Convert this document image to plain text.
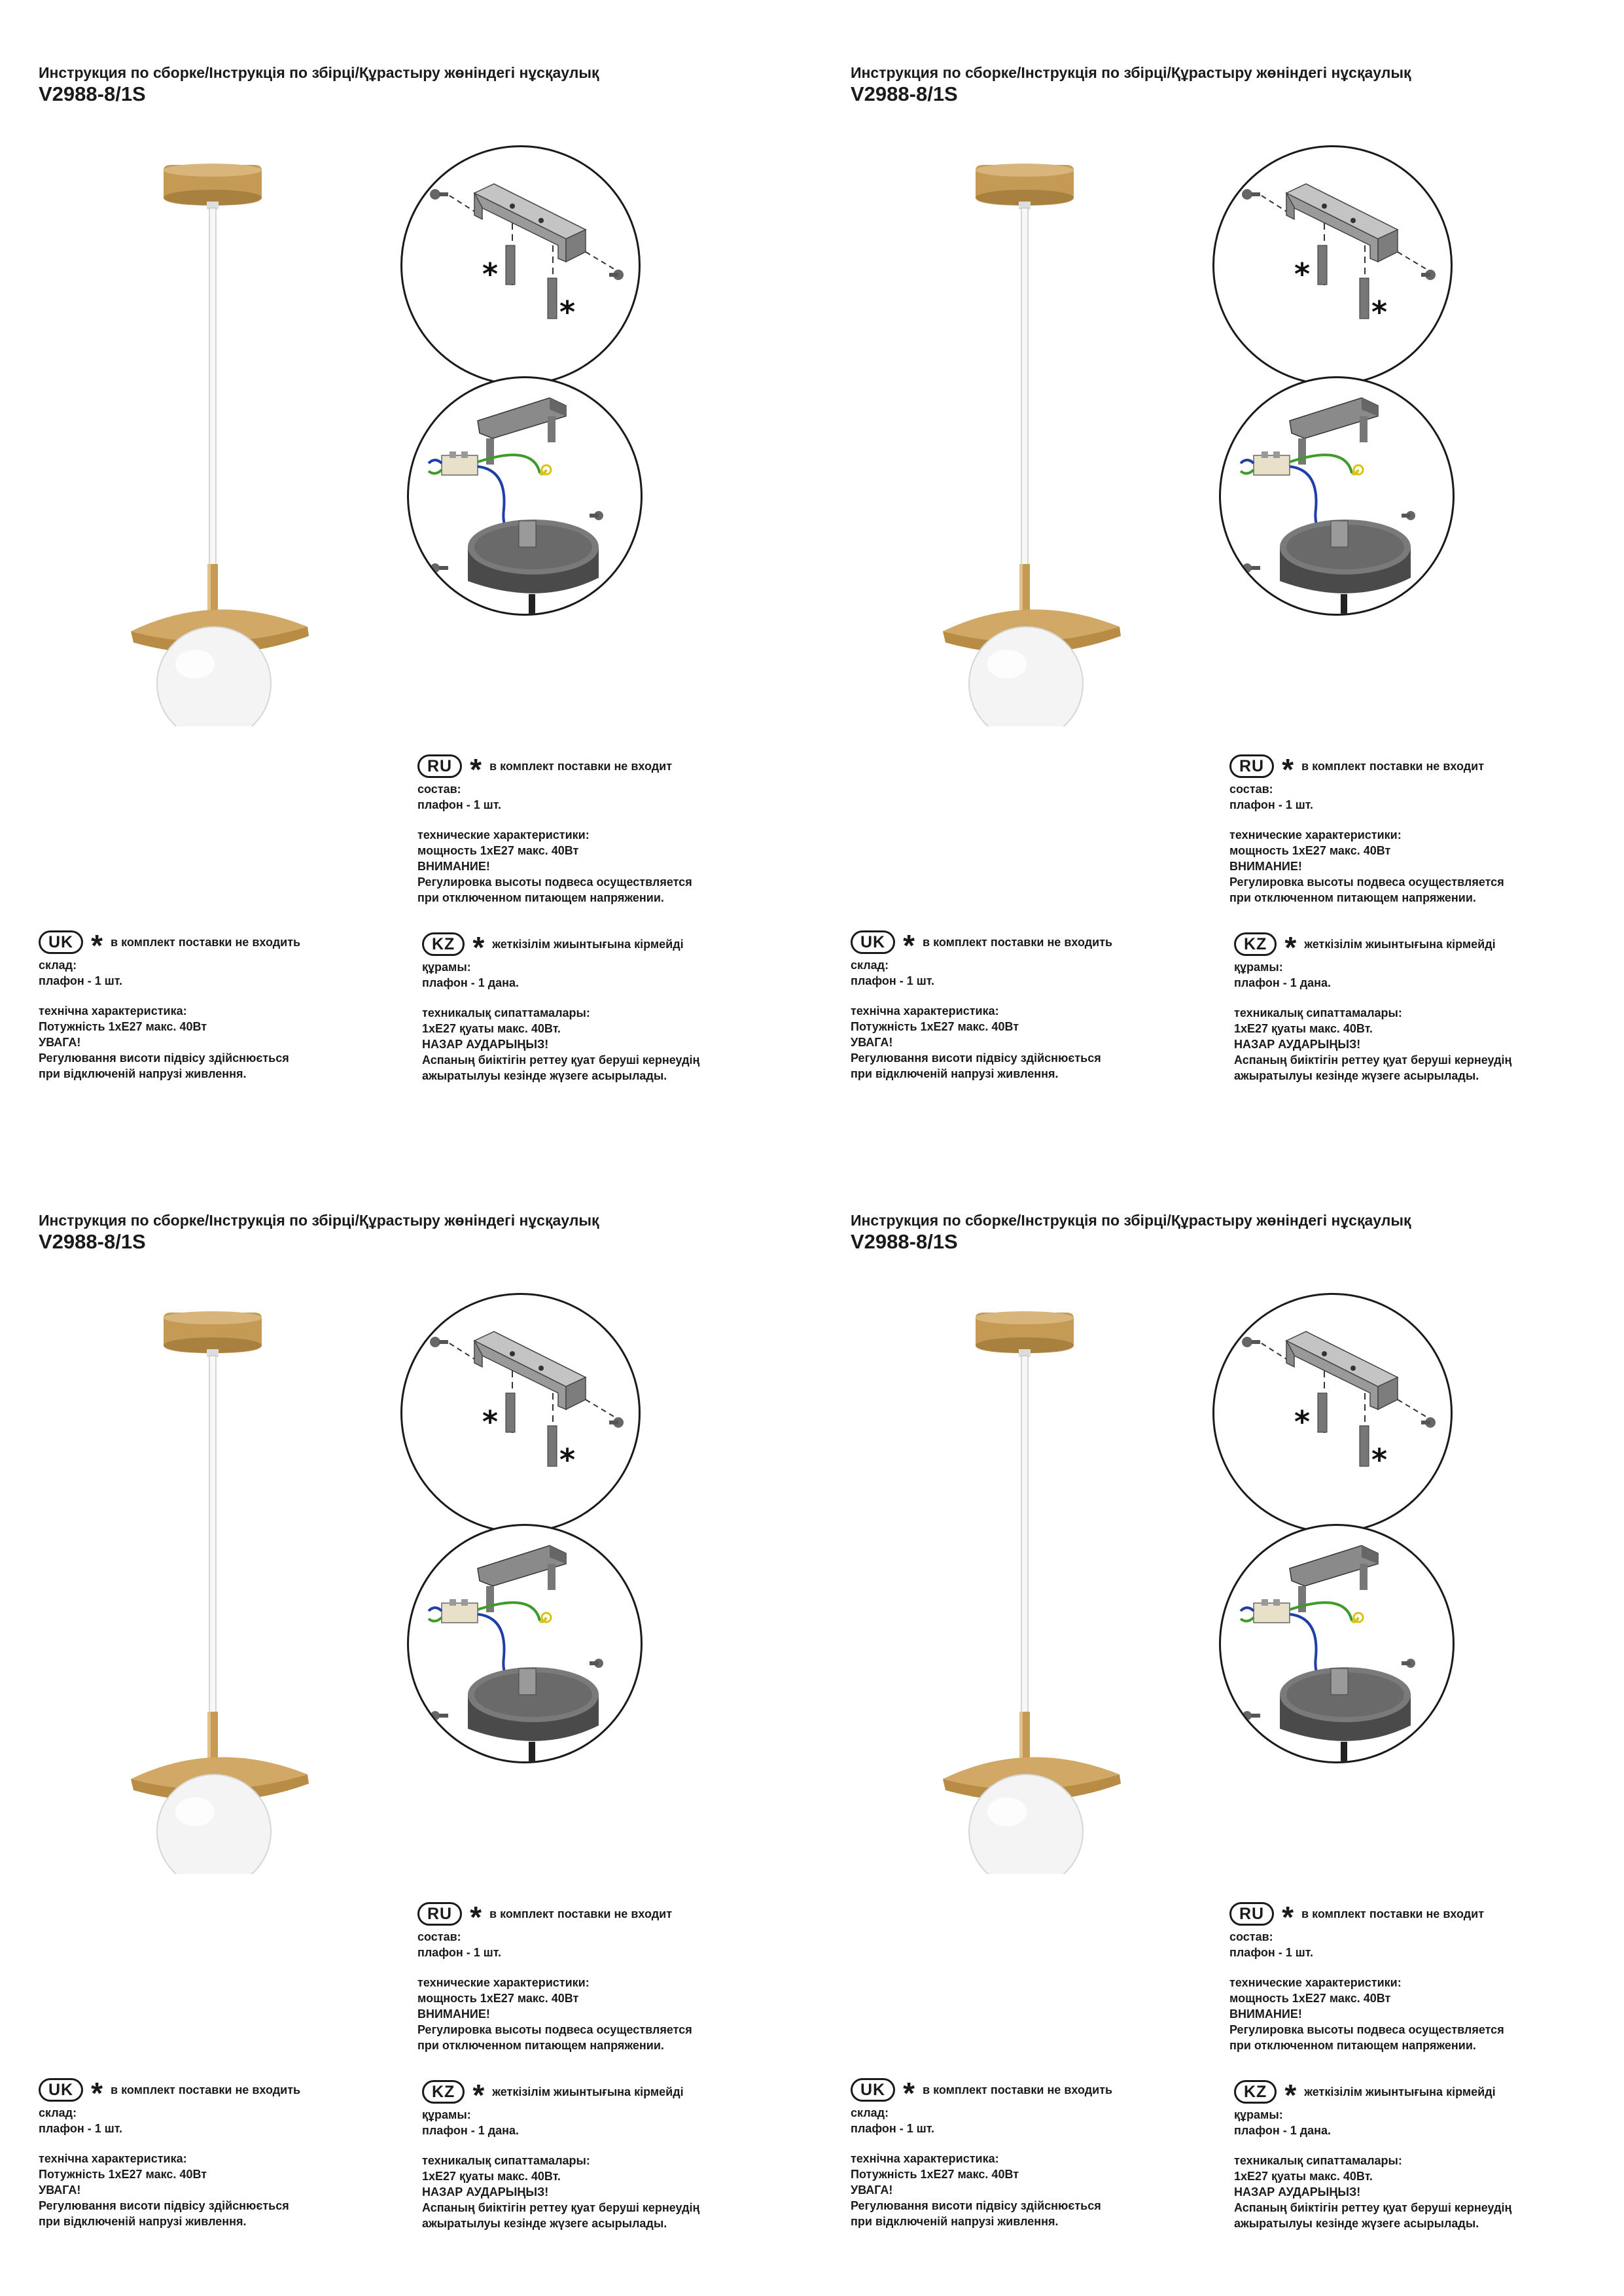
Инструкция по сборке/Інструкція по збірці/Құрастыру жөніндегі нұсқаулық
V2988-8/1S
*
*
RU * в комплект поставки не входит
состав:
плафон - 1 шт.
технические характеристики:
мощность 1хE27 макс. 40Вт
ВНИМАНИЕ!
Регулировка высоты подвеса осуществляется
при отключенном питающем напряжении.
UK * в комплект поставки не входить
склад:
плафон - 1 шт.
технічна характеристика:
Потужність 1хE27 макс. 40Вт
УВАГА!
Регулювання висоти підвісу здійснюється
при відключеній напрузі живлення.
KZ * жеткізілім жиынтығына кірмейді
құрамы:
плафон - 1 дана.
техникалық сипаттамалары:
1хE27 қуаты макс. 40Вт.
НАЗАР АУДАРЫҢЫЗ!
Аспаның биіктігін реттеу қуат беруші кернеудің
ажыратылуы кезінде жүзеге асырылады.
Инструкция по сборке/Інструкція по збірці/Құрастыру жөніндегі нұсқаулық
V2988-8/1S
*
*
RU * в комплект поставки не входит
состав:
плафон - 1 шт.
технические характеристики:
мощность 1хE27 макс. 40Вт
ВНИМАНИЕ!
Регулировка высоты подвеса осуществляется
при отключенном питающем напряжении.
UK * в комплект поставки не входить
склад:
плафон - 1 шт.
технічна характеристика:
Потужність 1хE27 макс. 40Вт
УВАГА!
Регулювання висоти підвісу здійснюється
при відключеній напрузі живлення.
KZ * жеткізілім жиынтығына кірмейді
құрамы:
плафон - 1 дана.
техникалық сипаттамалары:
1хE27 қуаты макс. 40Вт.
НАЗАР АУДАРЫҢЫЗ!
Аспаның биіктігін реттеу қуат беруші кернеудің
ажыратылуы кезінде жүзеге асырылады.
Инструкция по сборке/Інструкція по збірці/Құрастыру жөніндегі нұсқаулық
V2988-8/1S
*
*
RU * в комплект поставки не входит
состав:
плафон - 1 шт.
технические характеристики:
мощность 1хE27 макс. 40Вт
ВНИМАНИЕ!
Регулировка высоты подвеса осуществляется
при отключенном питающем напряжении.
UK * в комплект поставки не входить
склад:
плафон - 1 шт.
технічна характеристика:
Потужність 1хE27 макс. 40Вт
УВАГА!
Регулювання висоти підвісу здійснюється
при відключеній напрузі живлення.
KZ * жеткізілім жиынтығына кірмейді
құрамы:
плафон - 1 дана.
техникалық сипаттамалары:
1хE27 қуаты макс. 40Вт.
НАЗАР АУДАРЫҢЫЗ!
Аспаның биіктігін реттеу қуат беруші кернеудің
ажыратылуы кезінде жүзеге асырылады.
Инструкция по сборке/Інструкція по збірці/Құрастыру жөніндегі нұсқаулық
V2988-8/1S
*
*
RU * в комплект поставки не входит
состав:
плафон - 1 шт.
технические характеристики:
мощность 1хE27 макс. 40Вт
ВНИМАНИЕ!
Регулировка высоты подвеса осуществляется
при отключенном питающем напряжении.
UK * в комплект поставки не входить
склад:
плафон - 1 шт.
технічна характеристика:
Потужність 1хE27 макс. 40Вт
УВАГА!
Регулювання висоти підвісу здійснюється
при відключеній напрузі живлення.
KZ * жеткізілім жиынтығына кірмейді
құрамы:
плафон - 1 дана.
техникалық сипаттамалары:
1хE27 қуаты макс. 40Вт.
НАЗАР АУДАРЫҢЫЗ!
Аспаның биіктігін реттеу қуат беруші кернеудің
ажыратылуы кезінде жүзеге асырылады.
